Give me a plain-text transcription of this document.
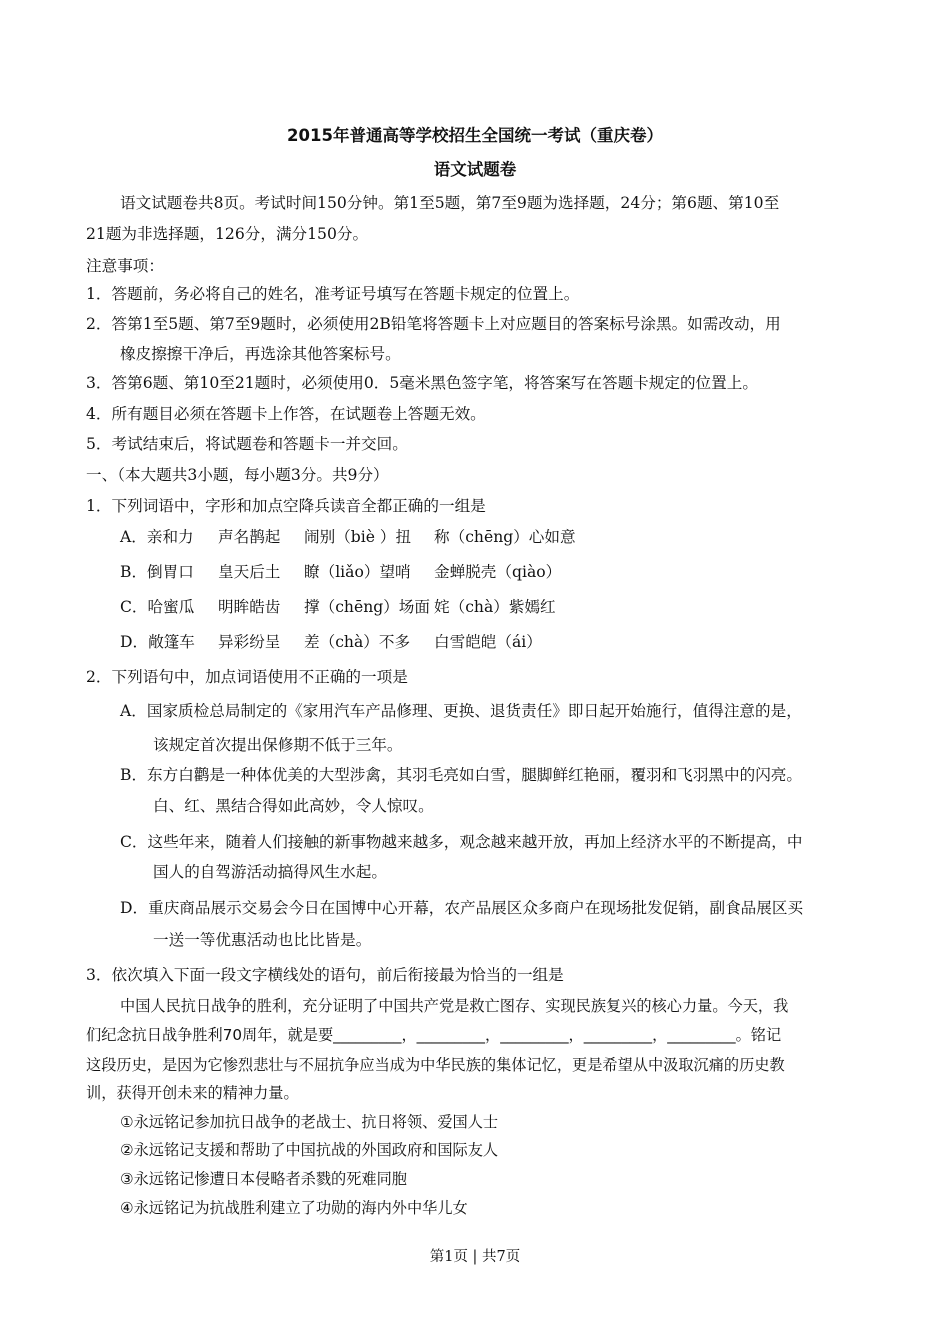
2015年普通高等学校招生全国统一考试（重庆卷）
语文试题卷
语文试题卷共8页。考试时间150分钟。第1至5题，第7至9题为选择题，24分；第6题、第10至
21题为非选择题，126分，满分150分。
注意事项：
1．答题前，务必将自己的姓名，准考证号填写在答题卡规定的位置上。
2．答第1至5题、第7至9题时，必须使用2B铅笔将答题卡上对应题目的答案标号涂黑。如需改动，用
橡皮擦擦干净后，再选涂其他答案标号。
3．答第6题、第10至21题时，必须使用0．5毫米黑色签字笔，将答案写在答题卡规定的位置上。
4．所有题目必须在答题卡上作答，在试题卷上答题无效。
5．考试结束后，将试题卷和答题卡一并交回。
一、（本大题共3小题，每小题3分。共9分）
1．下列词语中，字形和加点空降兵读音全都正确的一组是
A．亲和力 声名鹊起 闹别（biè ）扭 称（chēng）心如意
B．倒胃口 皇天后土 瞭（liǎo）望哨 金蝉脱壳（qiào）
C．哈蜜瓜 明眸皓齿 撑（chēng）场面 姹（chà）紫嫣红
D．敞篷车 异彩纷呈 差（chà）不多 白雪皑皑（ái）
2．下列语句中，加点词语使用不正确的一项是
A．国家质检总局制定的《家用汽车产品修理、更换、退货责任》即日起开始施行，值得注意的是，
该规定首次提出保修期不低于三年。
B．东方白鹳是一种体优美的大型涉禽，其羽毛亮如白雪，腿脚鲜红艳丽，覆羽和飞羽黑中的闪亮。
白、红、黑结合得如此高妙，令人惊叹。
C．这些年来，随着人们接触的新事物越来越多，观念越来越开放，再加上经济水平的不断提高，中
国人的自驾游活动搞得风生水起。
D．重庆商品展示交易会今日在国博中心开幕，农产品展区众多商户在现场批发促销，副食品展区买
一送一等优惠活动也比比皆是。
3．依次填入下面一段文字横线处的语句，前后衔接最为恰当的一组是
中国人民抗日战争的胜利，充分证明了中国共产党是救亡图存、实现民族复兴的核心力量。今天，我
们纪念抗日战争胜利70周年，就是要_________，_________，_________，_________，_________。铭记
这段历史，是因为它惨烈悲壮与不屈抗争应当成为中华民族的集体记忆，更是希望从中汲取沉痛的历史教
训，获得开创未来的精神力量。
①永远铭记参加抗日战争的老战士、抗日将领、爱国人士
②永远铭记支援和帮助了中国抗战的外国政府和国际友人
③永远铭记惨遭日本侵略者杀戮的死难同胞
④永远铭记为抗战胜利建立了功勋的海内外中华儿女
第1页 | 共7页
